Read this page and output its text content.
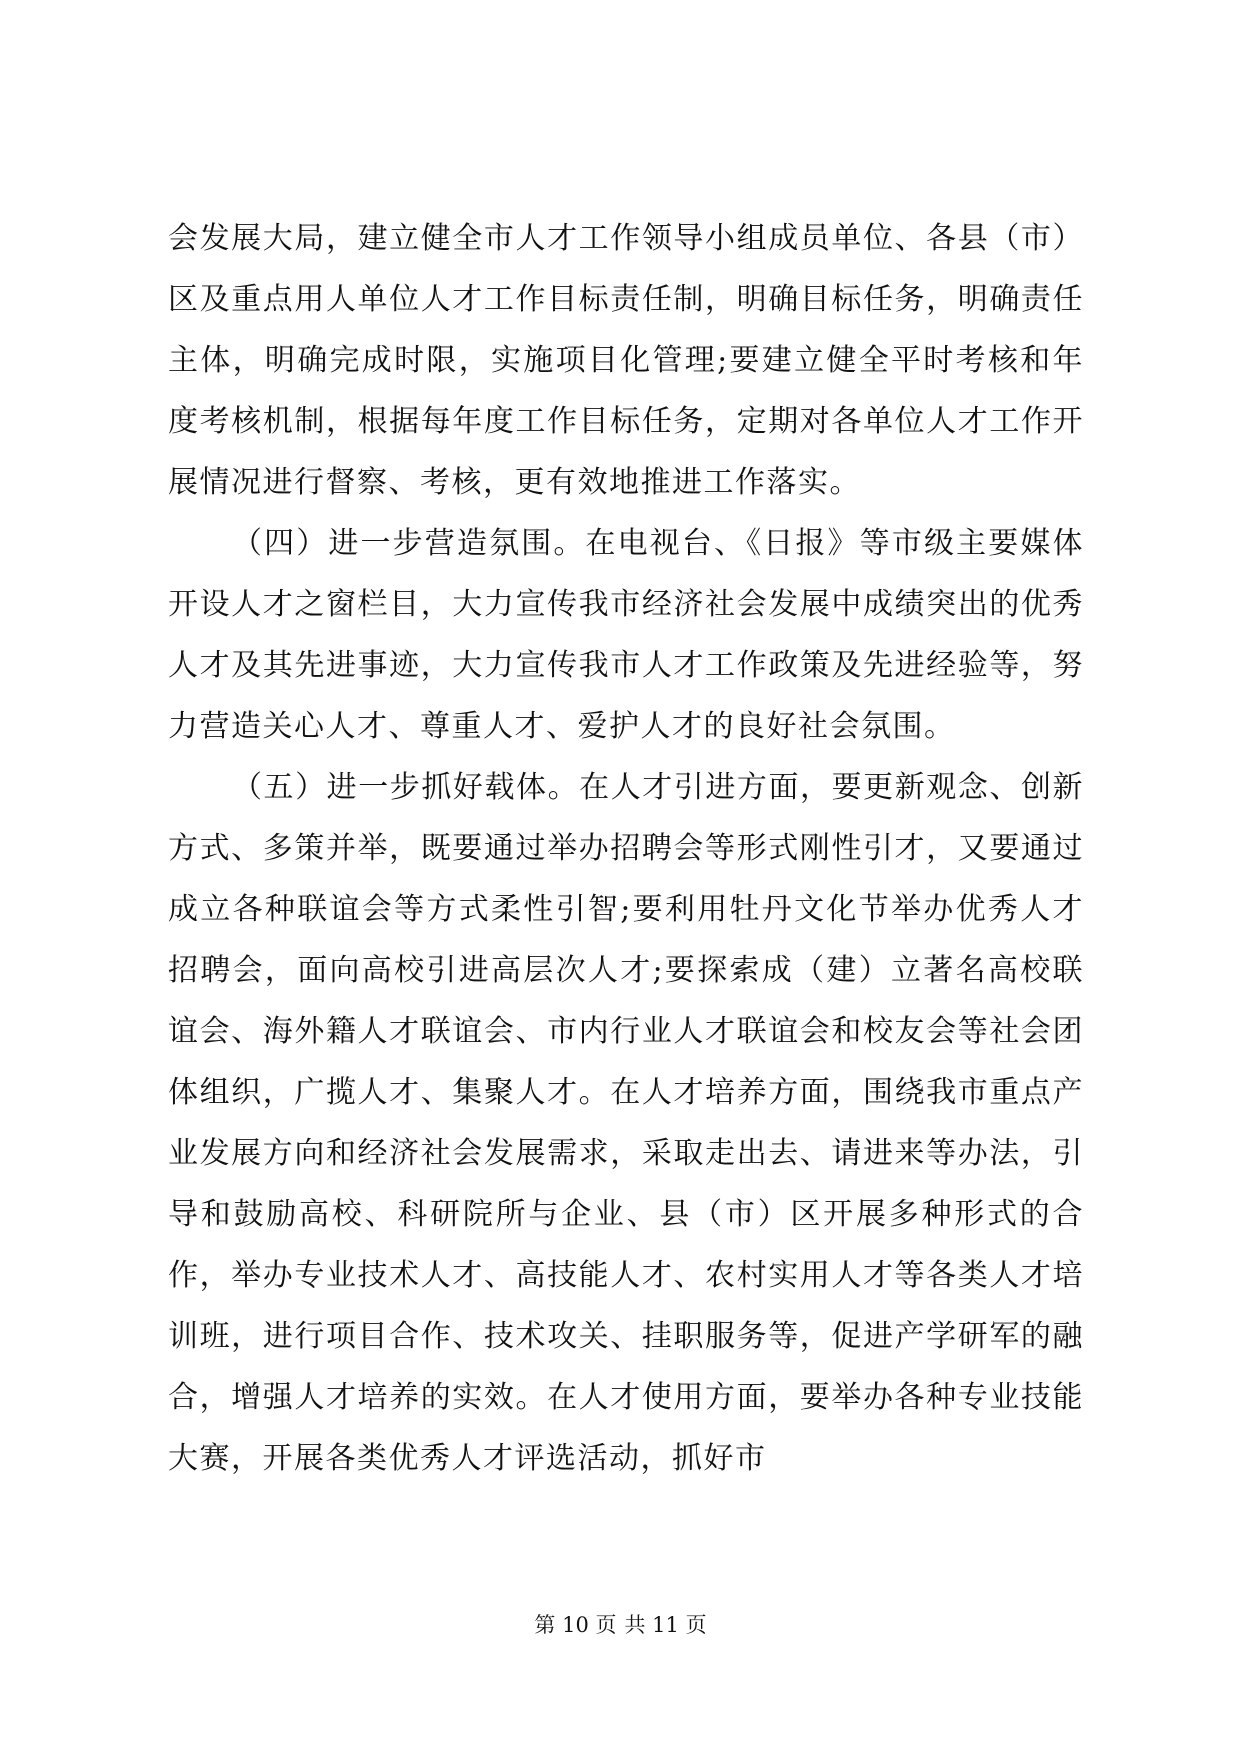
会发展大局，建立健全市人才工作领导小组成员单位、各县（市）区及重点用人单位人才工作目标责任制，明确目标任务，明确责任主体，明确完成时限，实施项目化管理;要建立健全平时考核和年度考核机制，根据每年度工作目标任务，定期对各单位人才工作开展情况进行督察、考核，更有效地推进工作落实。

（四）进一步营造氛围。在电视台、《日报》等市级主要媒体开设人才之窗栏目，大力宣传我市经济社会发展中成绩突出的优秀人才及其先进事迹，大力宣传我市人才工作政策及先进经验等，努力营造关心人才、尊重人才、爱护人才的良好社会氛围。

（五）进一步抓好载体。在人才引进方面，要更新观念、创新方式、多策并举，既要通过举办招聘会等形式刚性引才，又要通过成立各种联谊会等方式柔性引智;要利用牡丹文化节举办优秀人才招聘会，面向高校引进高层次人才;要探索成（建）立著名高校联谊会、海外籍人才联谊会、市内行业人才联谊会和校友会等社会团体组织，广揽人才、集聚人才。在人才培养方面，围绕我市重点产业发展方向和经济社会发展需求，采取走出去、请进来等办法，引导和鼓励高校、科研院所与企业、县（市）区开展多种形式的合作，举办专业技术人才、高技能人才、农村实用人才等各类人才培训班，进行项目合作、技术攻关、挂职服务等，促进产学研军的融合，增强人才培养的实效。在人才使用方面，要举办各种专业技能大赛，开展各类优秀人才评选活动，抓好市

第 10 页 共 11 页
